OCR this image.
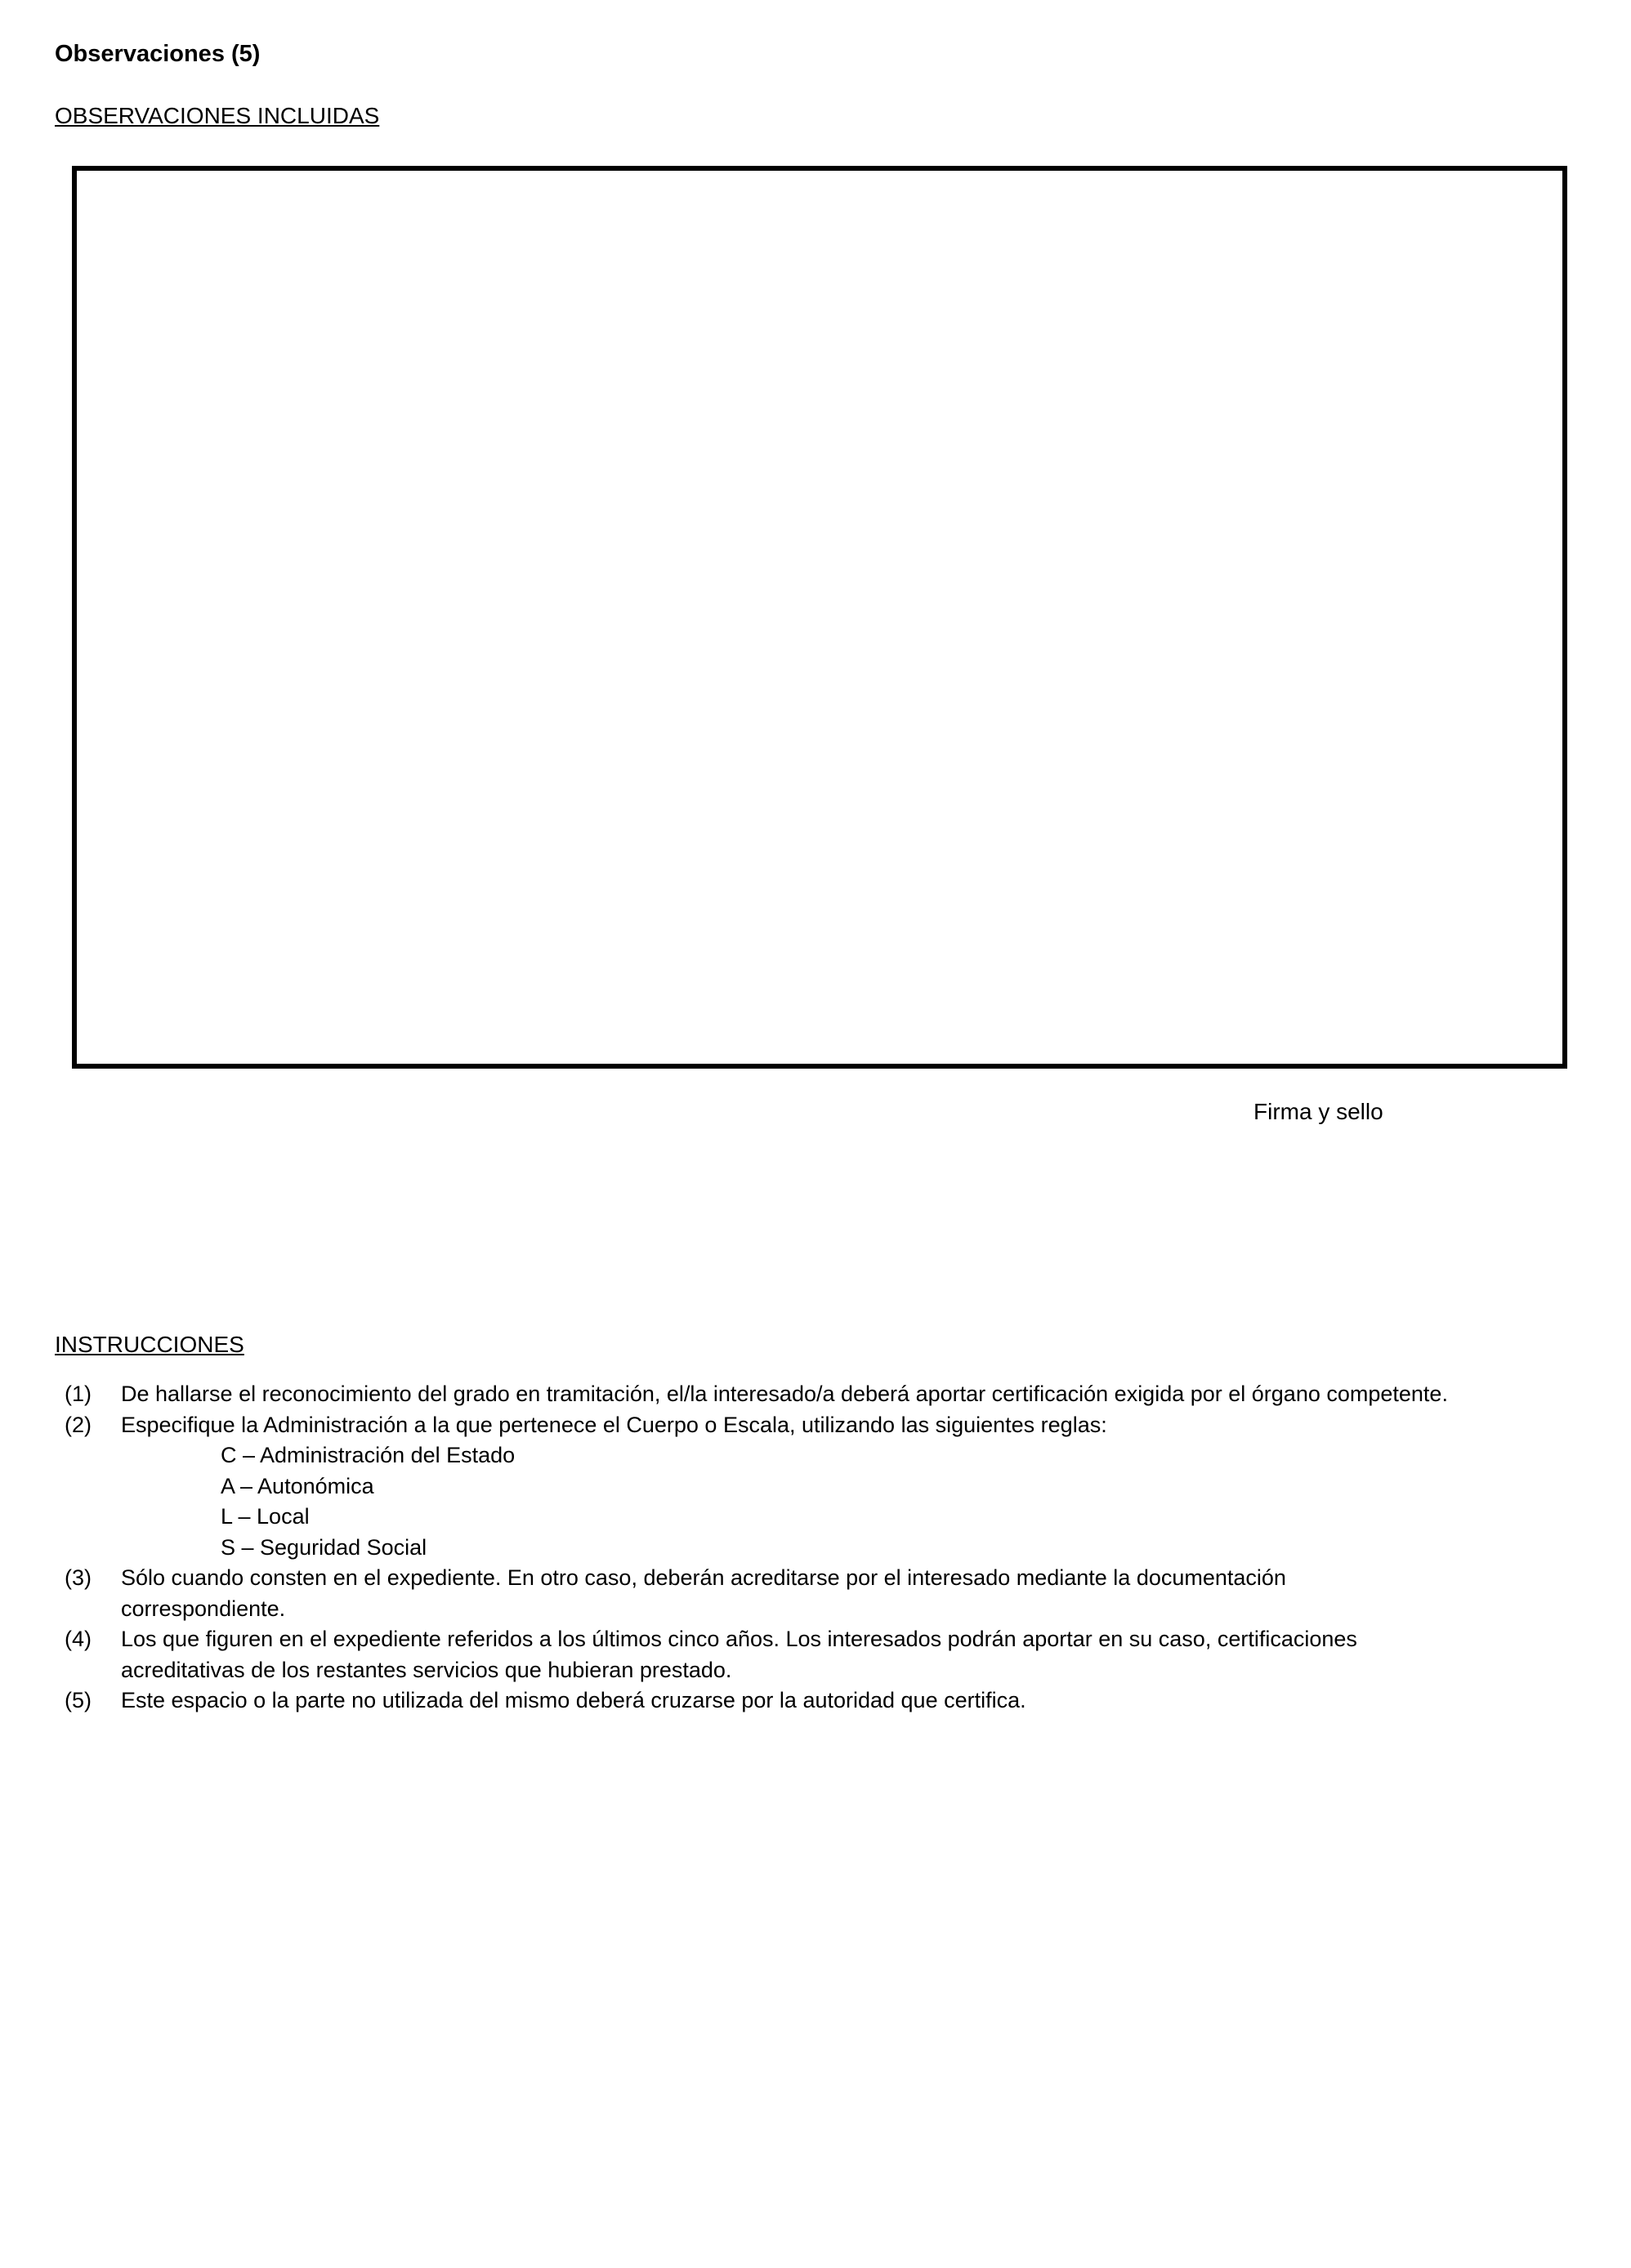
Observaciones (5)
OBSERVACIONES INCLUIDAS
Firma y sello
INSTRUCCIONES
(1) De hallarse el reconocimiento del grado en tramitación, el/la interesado/a deberá aportar certificación exigida por el órgano competente.
(2) Especifique la Administración a la que pertenece el Cuerpo o Escala, utilizando las siguientes reglas:
C – Administración del Estado
A – Autonómica
L – Local
S – Seguridad Social
(3) Sólo cuando consten en el expediente. En otro caso, deberán acreditarse por el interesado mediante la documentación
correspondiente.
(4) Los que figuren en el expediente referidos a los últimos cinco años. Los interesados podrán aportar en su caso, certificaciones
acreditativas de los restantes servicios que hubieran prestado.
(5) Este espacio o la parte no utilizada del mismo deberá cruzarse por la autoridad que certifica.
